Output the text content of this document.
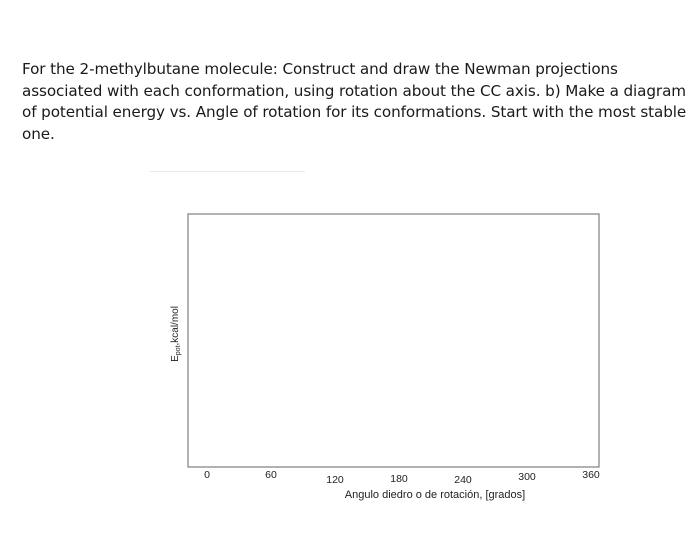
For the 2-methylbutane molecule: Construct and draw the Newman projections associated with each conformation, using rotation about the CC axis. b) Make a diagram of potential energy vs. Angle of rotation for its conformations. Start with the most stable one.

0	60	120	180	240	300	360
Angulo diedro o de rotación, [grados]
$E_{pot},kcal$/mol
